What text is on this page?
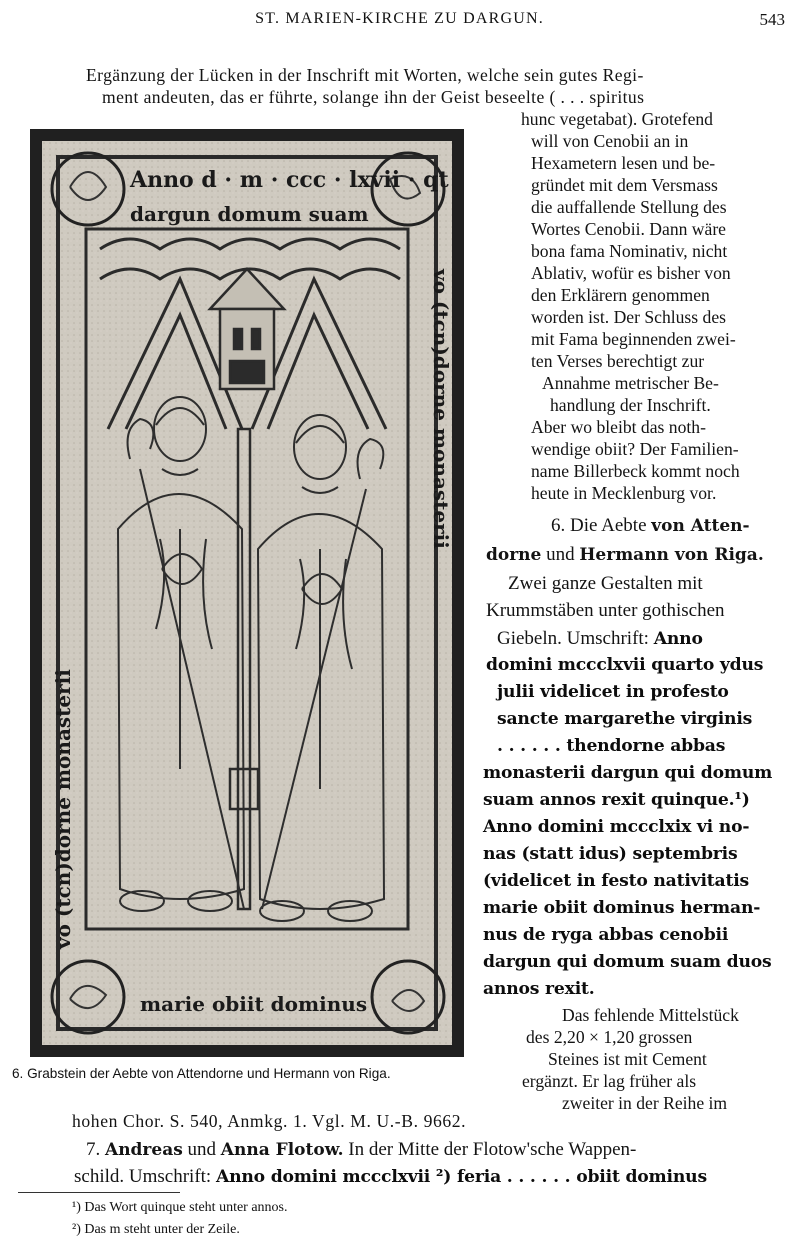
ST. MARIEN-KIRCHE ZU DARGUN.	543
Ergänzung der Lücken in der Inschrift mit Worten, welche sein gutes Regi-
ment andeuten, das er führte, solange ihn der Geist beseelte ( . . . spiritus
Anno d · m · ccc · lxvii · qt
dargun domum suam
vo (tcn)dorne monasterii
vo (tcn)dorne monasterii
marie obiit dominus
6. Grabstein der Aebte von Attendorne und Hermann von Riga.
hunc vegetabat). Grotefend
will von Cenobii an in
Hexametern lesen und be-
gründet mit dem Versmass
die auffallende Stellung des
Wortes Cenobii. Dann wäre
bona fama Nominativ, nicht
Ablativ, wofür es bisher von
den Erklärern genommen
worden ist. Der Schluss des
mit Fama beginnenden zwei-
ten Verses berechtigt zur
Annahme metrischer Be-
handlung der Inschrift.
Aber wo bleibt das noth-
wendige obiit? Der Familien-
name Billerbeck kommt noch
heute in Mecklenburg vor.
6. Die Aebte von Atten-
dorne und Hermann von Riga.
Zwei ganze Gestalten mit
Krummstäben unter gothischen
Giebeln. Umschrift: Anno
domini mccclxvii quarto ydus
julii videlicet in profesto
sancte margarethe virginis
. . . . . . thendorne abbas
monasterii dargun qui domum
suam annos rexit quinque.¹)
Anno domini mccclxix vi no-
nas (statt idus) septembris
(videlicet in festo nativitatis
marie obiit dominus herman-
nus de ryga abbas cenobii
dargun qui domum suam duos
annos rexit.
Das fehlende Mittelstück
des 2,20 × 1,20 grossen
Steines ist mit Cement
ergänzt. Er lag früher als
zweiter in der Reihe im
hohen Chor. S. 540, Anmkg. 1. Vgl. M. U.-B. 9662.
7. Andreas und Anna Flotow. In der Mitte der Flotow'sche Wappen-
schild. Umschrift: Anno domini mccclxvii ²) feria . . . . . . obiit dominus
¹) Das Wort quinque steht unter annos.
²) Das m steht unter der Zeile.
